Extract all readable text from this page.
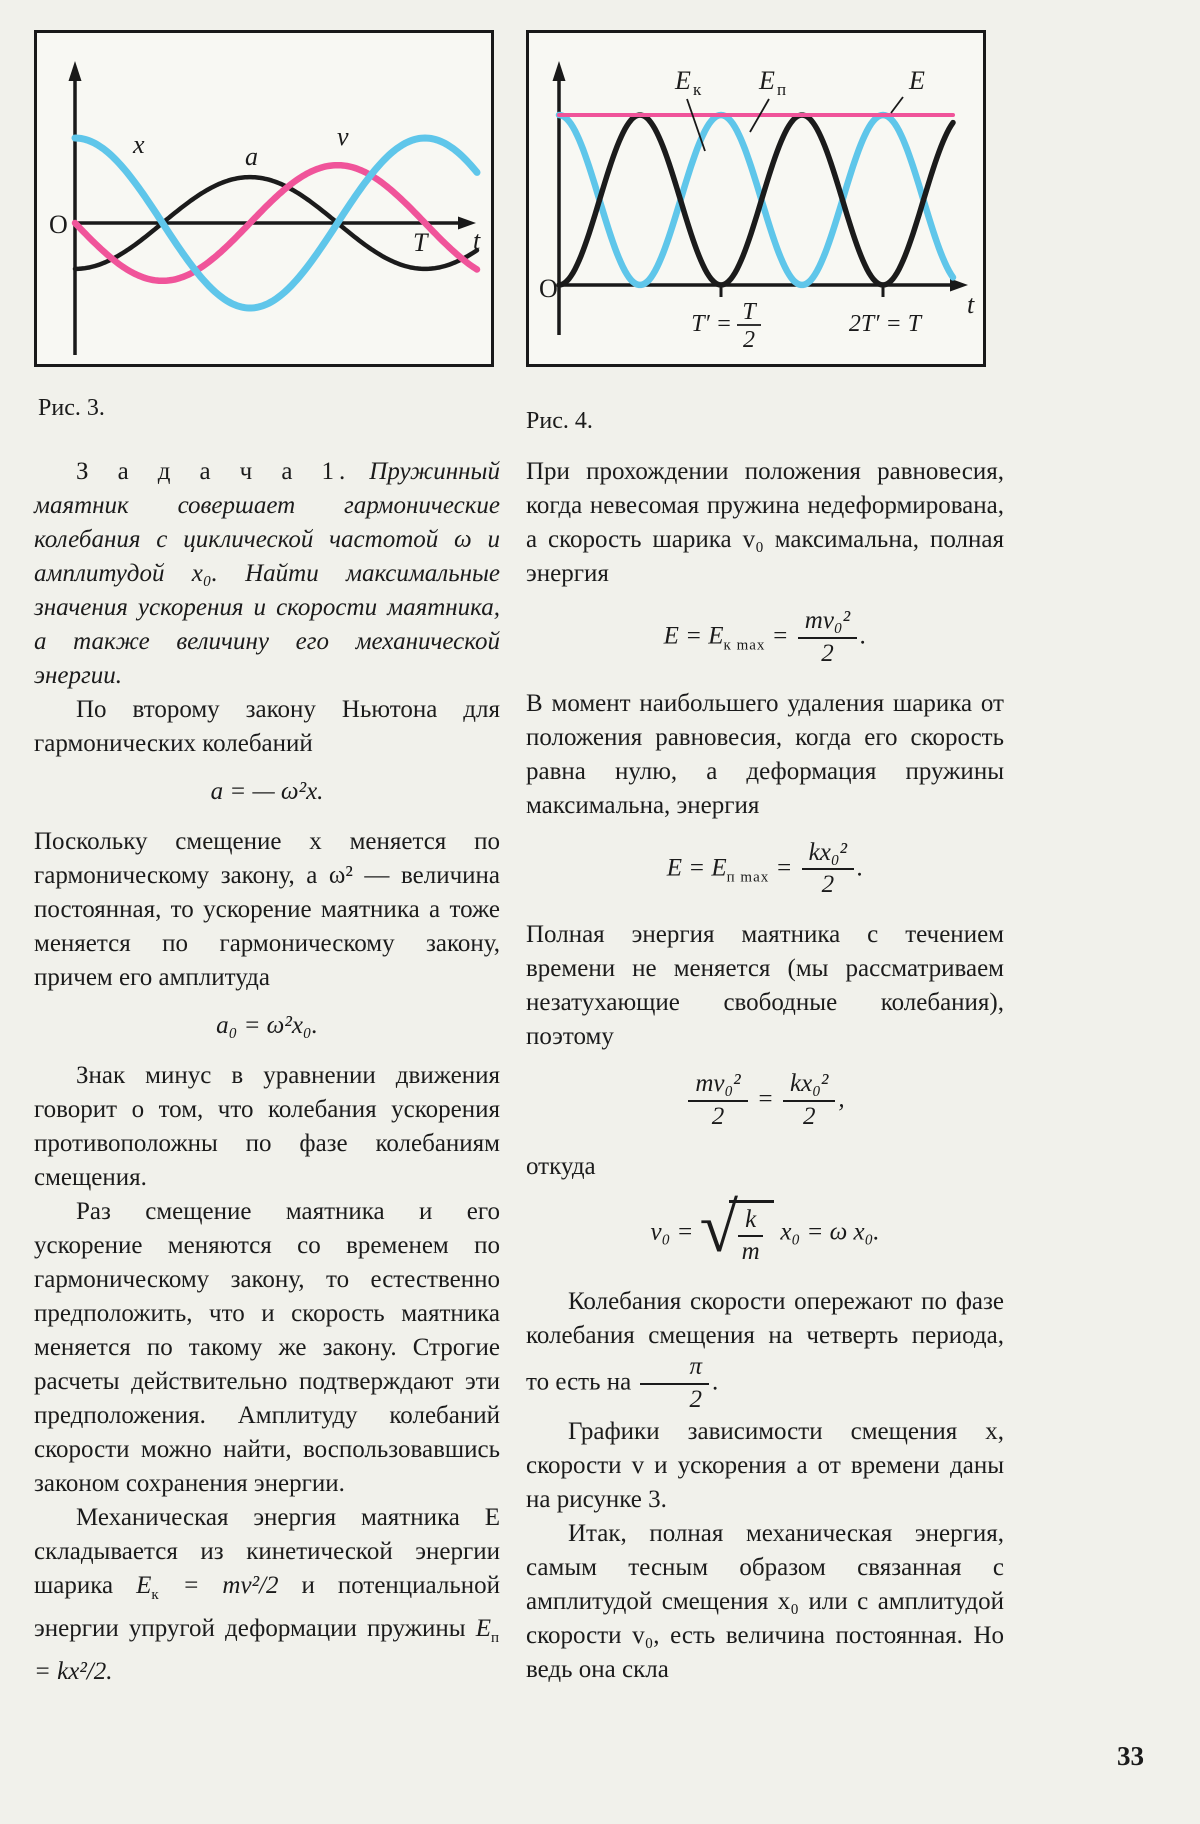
O
x	a
v
T t

Рис. 3.

З а д а ч а 1. Пружинный маятник совершает гармонические колебания с циклической частотой ω и амплитудой x₀. Найти максимальные значения ускорения и скорости маятника, а также величину его механической энергии.

По второму закону Ньютона для гармонических колебаний

a = — ω²x.

Поскольку смещение x меняется по гармоническому закону, а ω² — величина постоянная, то ускорение маятника a тоже меняется по гармоническому закону, причем его амплитуда

a₀ = ω²x₀.

Знак минус в уравнении движения говорит о том, что колебания ускорения противоположны по фазе колебаниям смещения.

Раз смещение маятника и его ускорение меняются со временем по гармоническому закону, то естественно предположить, что и скорость маятника меняется по такому же закону. Строгие расчеты действительно подтверждают эти предположения. Амплитуду колебаний скорости можно найти, воспользовавшись законом сохранения энергии.

Механическая энергия маятника E складывается из кинетической энергии шарика $E_к = mv^2/2$ и потенциальной энергии упругой деформации пружины $E_п = kx^2/2$.

E к E п	E
O
t
T′ = T
2
2T′ = T

Рис. 4.

При прохождении положения равновесия, когда невесомая пружина недеформирована, а скорость шарика v₀ максимальна, полная энергия

$E = E_{к max} = \frac{\text{mv₀²}}{2}$ .

В момент наибольшего удаления шарика от положения равновесия, когда его скорость равна нулю, а деформация пружины максимальна, энергия

$E = E_{п max} = \frac{\text{kx₀²}}{2}$ .

Полная энергия маятника с течением времени не меняется (мы рассматриваем незатухающие свободные колебания), поэтому

$\frac{\text{mv₀²}}{2} = \frac{\text{kx₀²}}{2}$ ,

откуда

v₀ = √ $\frac{k}{m} x_0 = \omega$ x₀.

Колебания скорости опережают по фазе колебания смещения на четверть периода, то есть на $\frac{\pi}{2}$ .

Графики зависимости смещения x, скорости v и ускорения a от времени даны на рисунке 3.

Итак, полная механическая энергия, самым тесным образом связанная с амплитудой смещения x₀ или с амплитудой скорости v₀, есть величина постоянная. Но ведь она скла

33
